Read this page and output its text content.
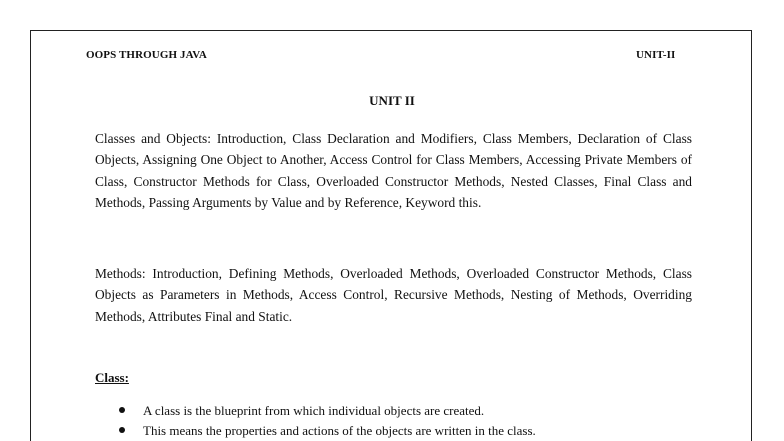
OOPS THROUGH JAVA	UNIT-II
UNIT II

Classes and Objects: Introduction, Class Declaration and Modifiers, Class Members, Declaration of Class Objects, Assigning One Object to Another, Access Control for Class Members, Accessing Private Members of Class, Constructor Methods for Class, Overloaded Constructor Methods, Nested Classes, Final Class and Methods, Passing Arguments by Value and by Reference, Keyword this.

Methods: Introduction, Defining Methods, Overloaded Methods, Overloaded Constructor Methods, Class Objects as Parameters in Methods, Access Control, Recursive Methods, Nesting of Methods, Overriding Methods, Attributes Final and Static.

Class:
A class is the blueprint from which individual objects are created.
This means the properties and actions of the objects are written in the class.
